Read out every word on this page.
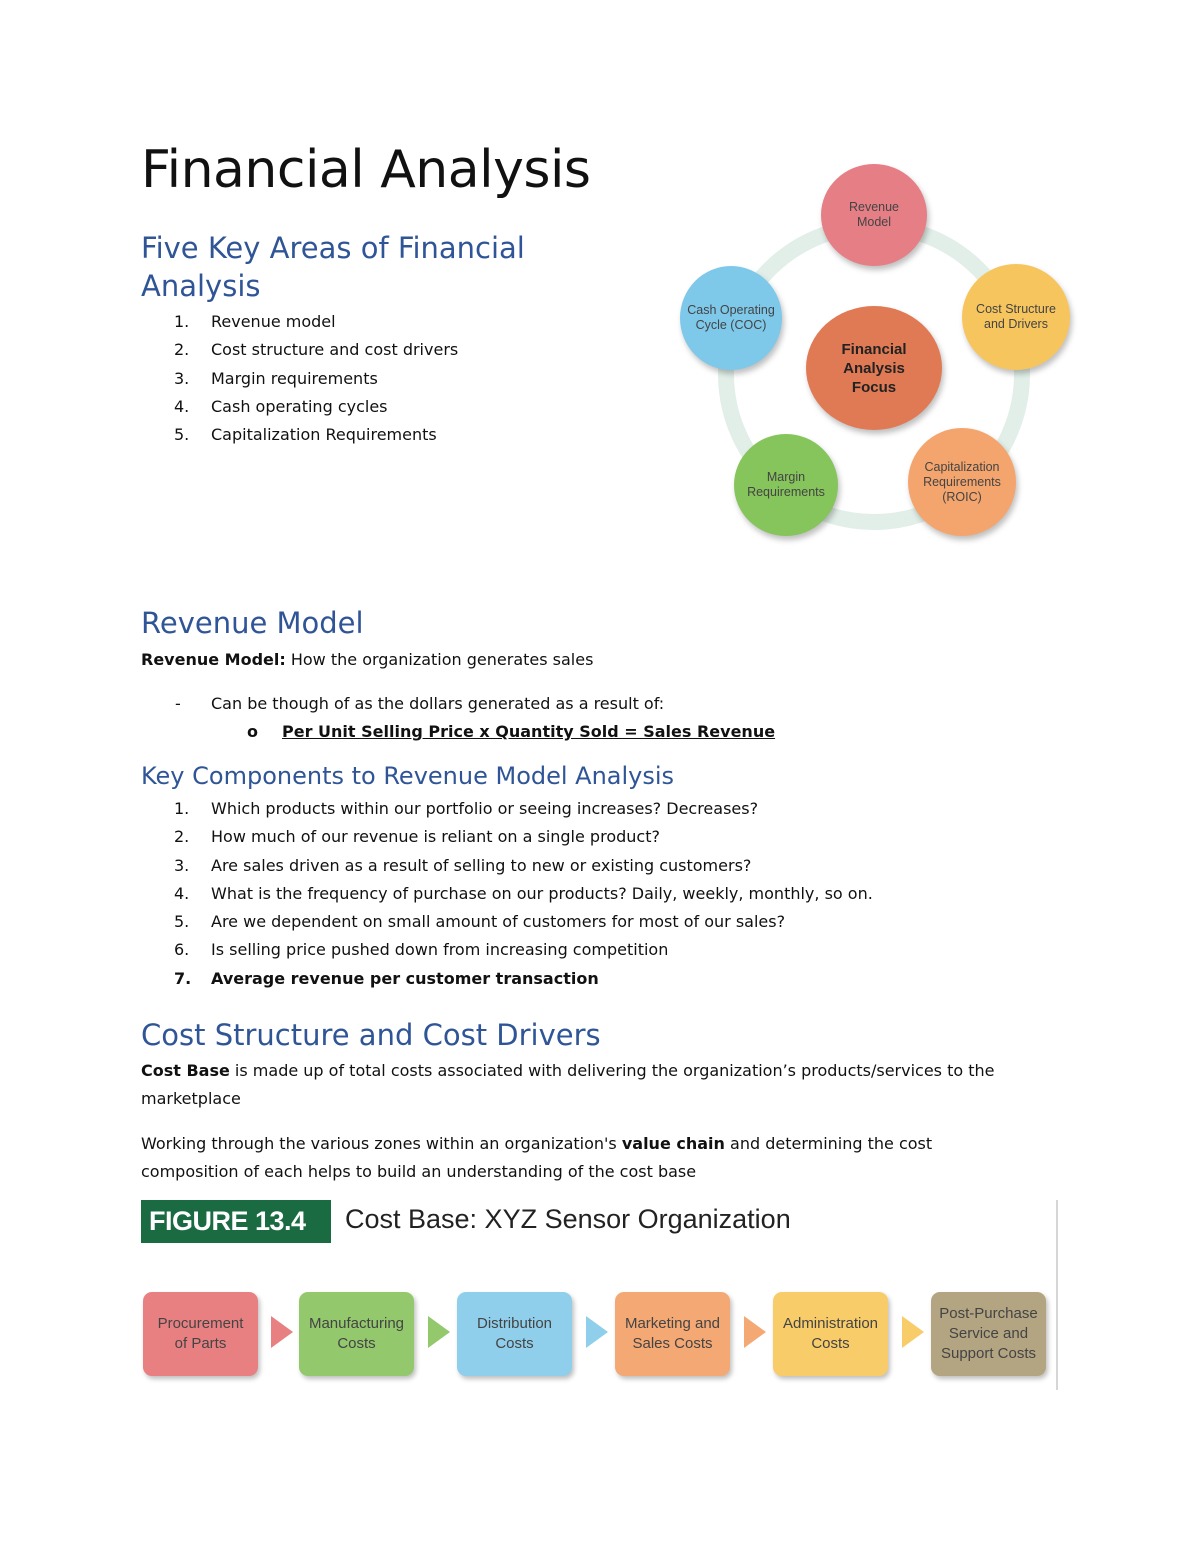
Financial Analysis
Five Key Areas of Financial
Analysis
1. Revenue model
2. Cost structure and cost drivers
3. Margin requirements
4. Cash operating cycles
5. Capitalization Requirements
Financial
Analysis
Focus
Revenue
Model
Cost Structure
and Drivers
Capitalization
Requirements
(ROIC)
Margin
Requirements
Cash Operating
Cycle (COC)
Revenue Model

Revenue Model: How the organization generates sales

- Can be though of as the dollars generated as a result of:
o Per Unit Selling Price x Quantity Sold = Sales Revenue
Key Components to Revenue Model Analysis
1. Which products within our portfolio or seeing increases? Decreases?
2. How much of our revenue is reliant on a single product?
3. Are sales driven as a result of selling to new or existing customers?
4. What is the frequency of purchase on our products? Daily, weekly, monthly, so on.
5. Are we dependent on small amount of customers for most of our sales?
6. Is selling price pushed down from increasing competition
7. Average revenue per customer transaction
Cost Structure and Cost Drivers

Cost Base is made up of total costs associated with delivering the organization’s products/services to the
marketplace

Working through the various zones within an organization's value chain and determining the cost
composition of each helps to build an understanding of the cost base

FIGURE 13.4	Cost Base: XYZ Sensor Organization
Procurement
of Parts
Manufacturing
Costs
Distribution
Costs
Marketing and
Sales Costs
Administration
Costs
Post-Purchase
Service and
Support Costs
